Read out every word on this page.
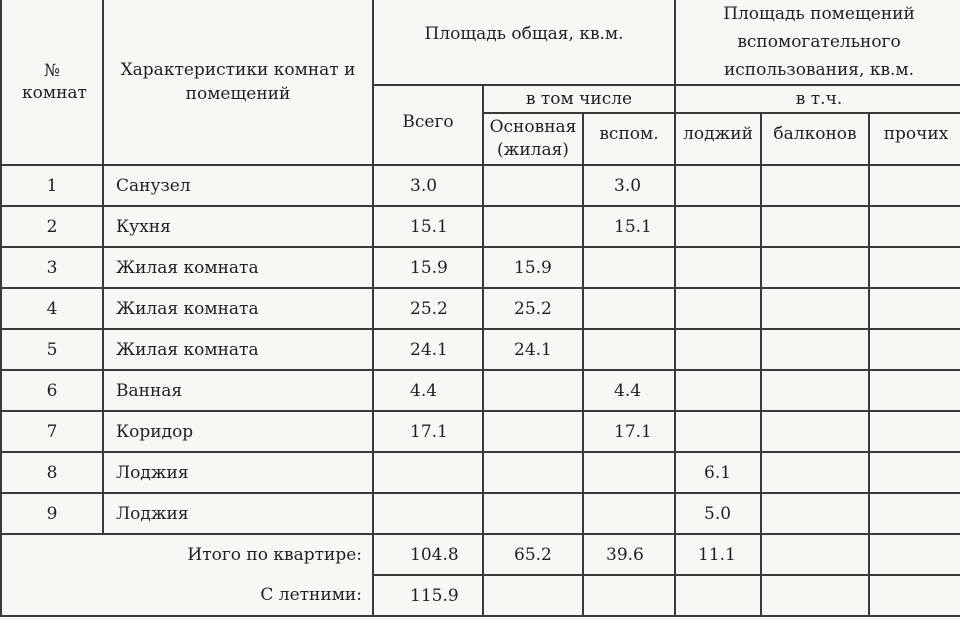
№ комнат	Характеристики комнат и помещений	Площадь общая, кв.м.			Площадь помещений вспомогательного использования, кв.м.		
		Всего	в том числе		в т.ч.		
			Основная (жилая)	вспом.	лоджий	балконов	прочих
1	Санузел	3.0		3.0			
2	Кухня	15.1		15.1			
3	Жилая комната	15.9	15.9				
4	Жилая комната	25.2	25.2				
5	Жилая комната	24.1	24.1				
6	Ванная	4.4		4.4			
7	Коридор	17.1		17.1			
8	Лоджия				6.1		
9	Лоджия				5.0		
Итого по квартире:		104.8	65.2	39.6	11.1		
С летними:		115.9					
